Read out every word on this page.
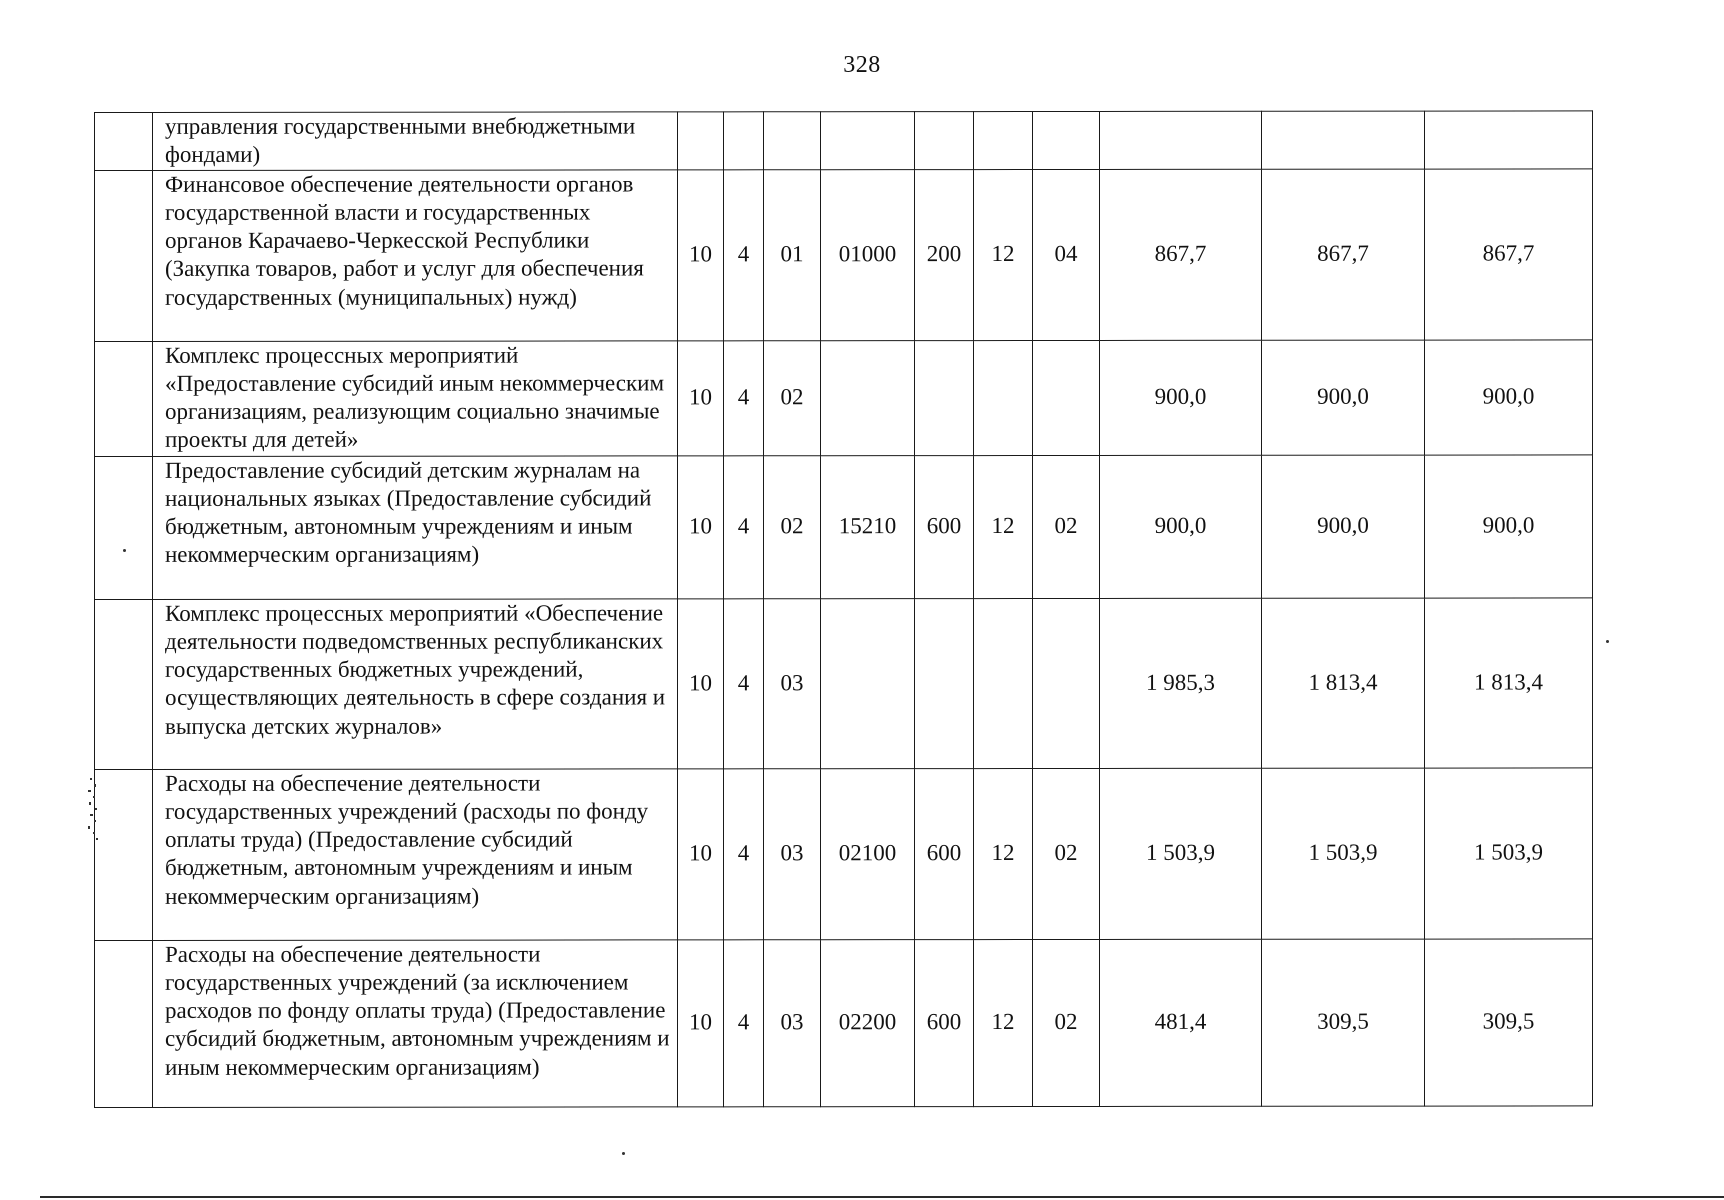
328
	управления государственными внебюджетными фондами)										
	Финансовое обеспечение деятельности органов государственной власти и государственных органов Карачаево-Черкесской Республики (Закупка товаров, работ и услуг для обеспечения государственных (муниципальных) нужд)	10	4	01	01000	200	12	04	867,7	867,7	867,7
	Комплекс процессных мероприятий «Предоставление субсидий иным некоммерческим организациям, реализующим социально значимые проекты для детей»	10	4	02					900,0	900,0	900,0
	Предоставление субсидий детским журналам на национальных языках (Предоставление субсидий бюджетным, автономным учреждениям и иным некоммерческим организациям)	10	4	02	15210	600	12	02	900,0	900,0	900,0
	Комплекс процессных мероприятий «Обеспечение деятельности подведомственных республиканских государственных бюджетных учреждений, осуществляющих деятельность в сфере создания и выпуска детских журналов»	10	4	03					1 985,3	1 813,4	1 813,4
	Расходы на обеспечение деятельности государственных учреждений (расходы по фонду оплаты труда) (Предоставление субсидий бюджетным, автономным учреждениям и иным некоммерческим организациям)	10	4	03	02100	600	12	02	1 503,9	1 503,9	1 503,9
	Расходы на обеспечение деятельности государственных учреждений (за исключением расходов по фонду оплаты труда) (Предоставление субсидий бюджетным, автономным учреждениям и иным некоммерческим организациям)	10	4	03	02200	600	12	02	481,4	309,5	309,5
